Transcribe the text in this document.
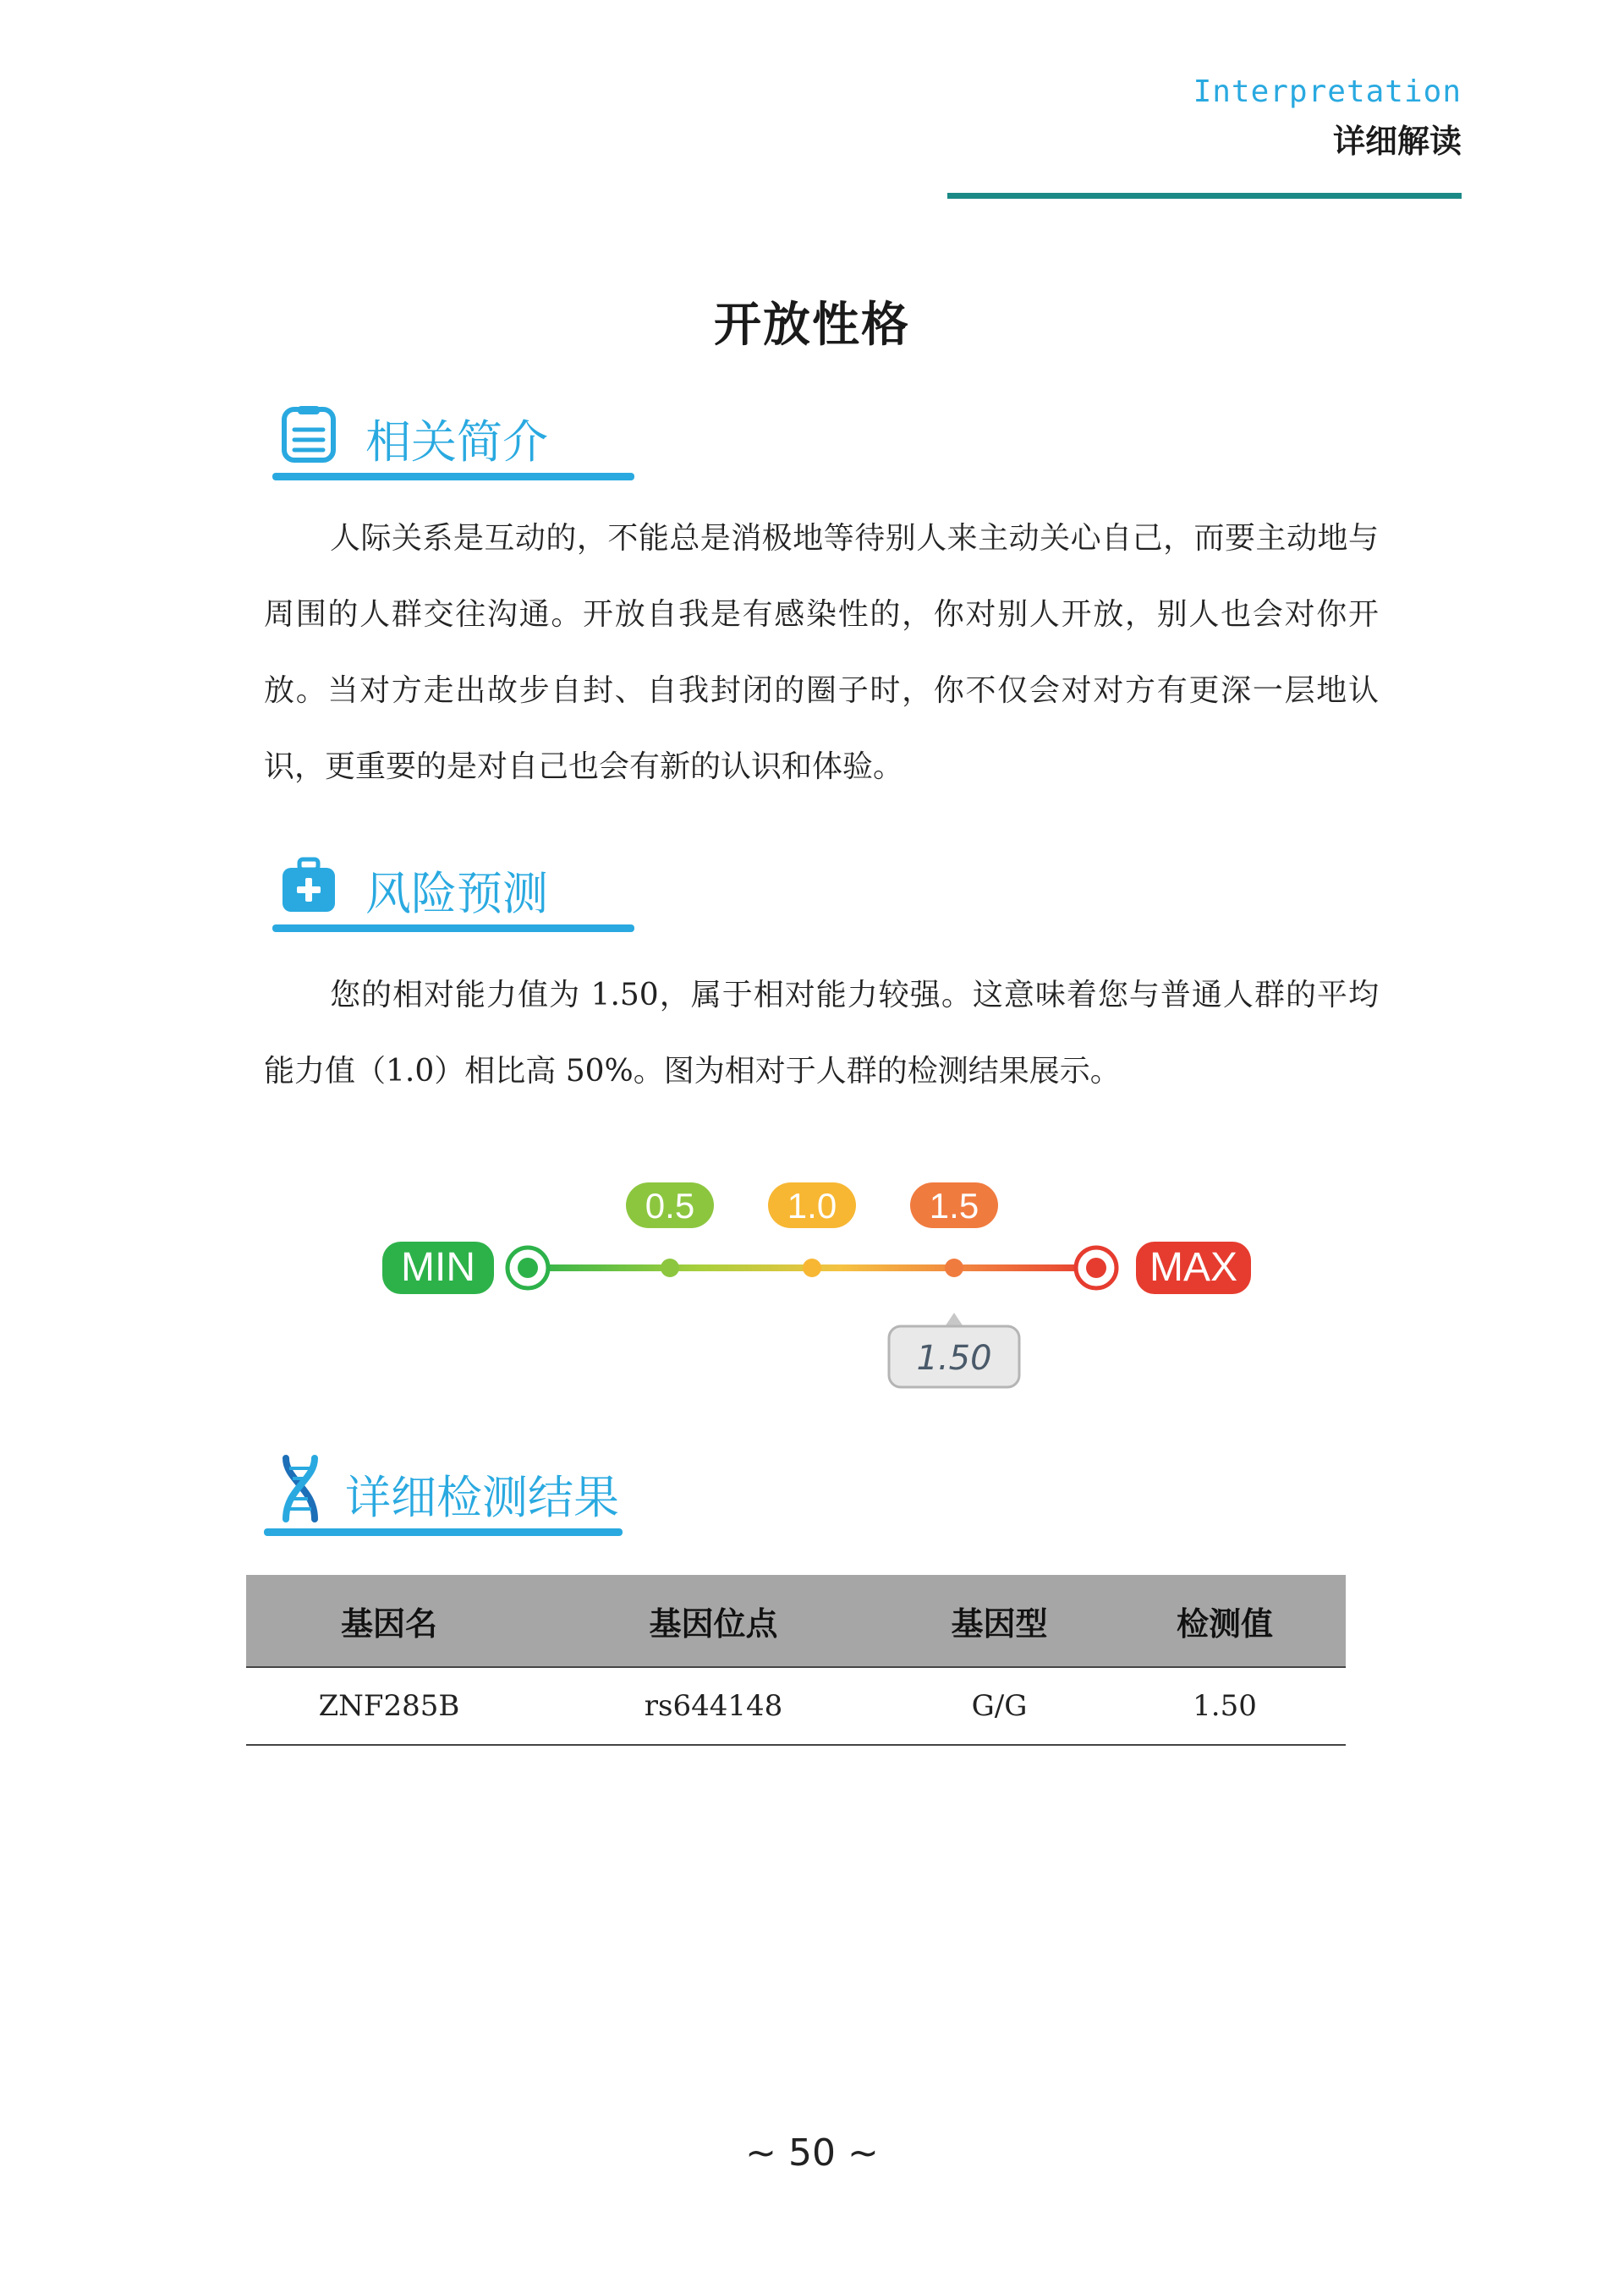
Interpretation
详细解读
开放性格
相关简介
人际关系是互动的，不能总是消极地等待别人来主动关心自己，而要主动地与周围的人群交往沟通。开放自我是有感染性的，你对别人开放，别人也会对你开放。当对方走出故步自封、自我封闭的圈子时，你不仅会对对方有更深一层地认识，更重要的是对自己也会有新的认识和体验。
风险预测
您的相对能力值为 1.50，属于相对能力较强。这意味着您与普通人群的平均能力值（1.0）相比高 50%。图为相对于人群的检测结果展示。
MIN	MAX
0.5	1.0	1.5
1.50
详细检测结果
基因名	基因位点	基因型	检测值
ZNF285B	rs644148	G/G	1.50
~ 50 ~
